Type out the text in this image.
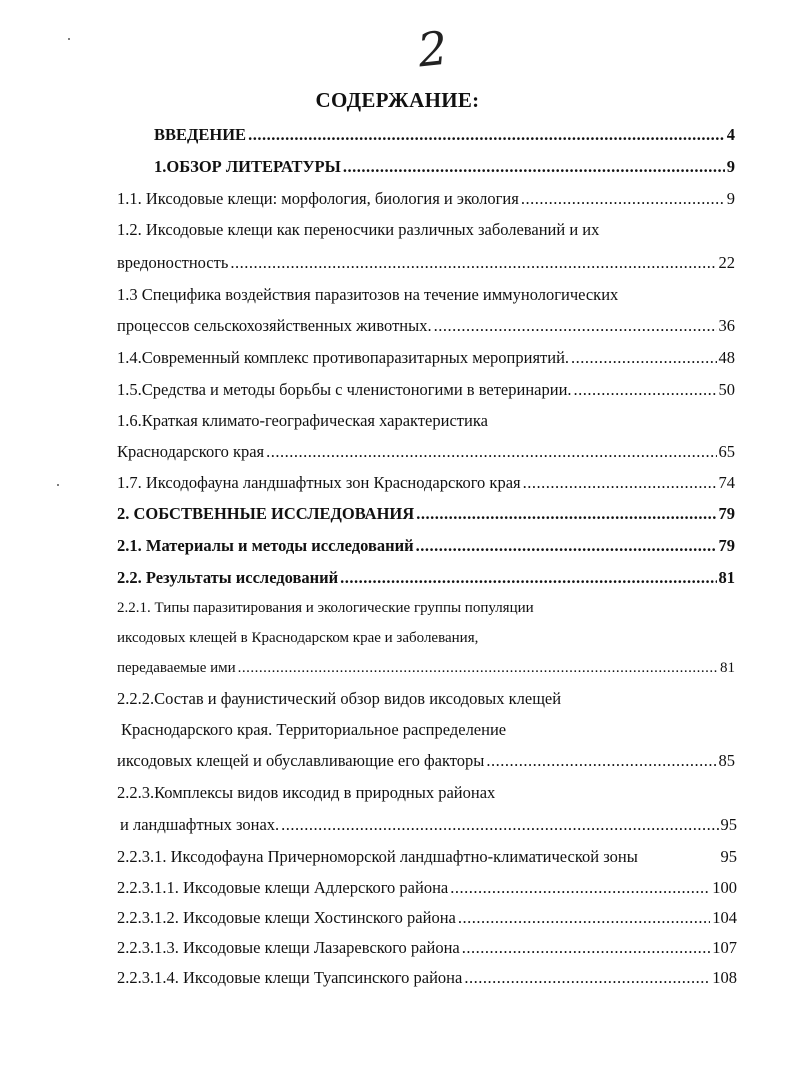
2
СОДЕРЖАНИЕ:
ВВЕДЕНИЕ .....	4
1.ОБЗОР ЛИТЕРАТУРЫ .....	9
1.1. Иксодовые клещи: морфология, биология и экология .....	9
1.2. Иксодовые клещи как переносчики различных заболеваний и их
вредоностность .....	22
1.3 Специфика воздействия паразитозов на течение иммунологических
процессов сельскохозяйственных животных. .....	36
1.4.Современный комплекс противопаразитарных мероприятий. .....	48
1.5.Средства и методы борьбы с членистоногими в ветеринарии. .....	50
1.6.Краткая климато-географическая характеристика
Краснодарского края .....	65
1.7. Иксодофауна ландшафтных зон Краснодарского края .....	74
2. СОБСТВЕННЫЕ ИССЛЕДОВАНИЯ .....	79
2.1. Материалы и методы исследований .....	79
2.2. Результаты исследований .....	81
2.2.1. Типы паразитирования и экологические группы популяции
иксодовых клещей в Краснодарском крае и заболевания,
передаваемые ими .....	81
2.2.2.Состав и фаунистический обзор видов иксодовых клещей
Краснодарского края. Территориальное распределение
иксодовых клещей и обуславливающие его факторы .....	85
2.2.3.Комплексы видов иксодид в природных районах
и ландшафтных зонах. .....	95
2.2.3.1. Иксодофауна Причерноморской ландшафтно-климатической зоны	95
2.2.3.1.1. Иксодовые клещи Адлерского района .....	100
2.2.3.1.2. Иксодовые клещи Хостинского района .....	104
2.2.3.1.3. Иксодовые клещи Лазаревского района .....	107
2.2.3.1.4. Иксодовые клещи Туапсинского района .....	108
